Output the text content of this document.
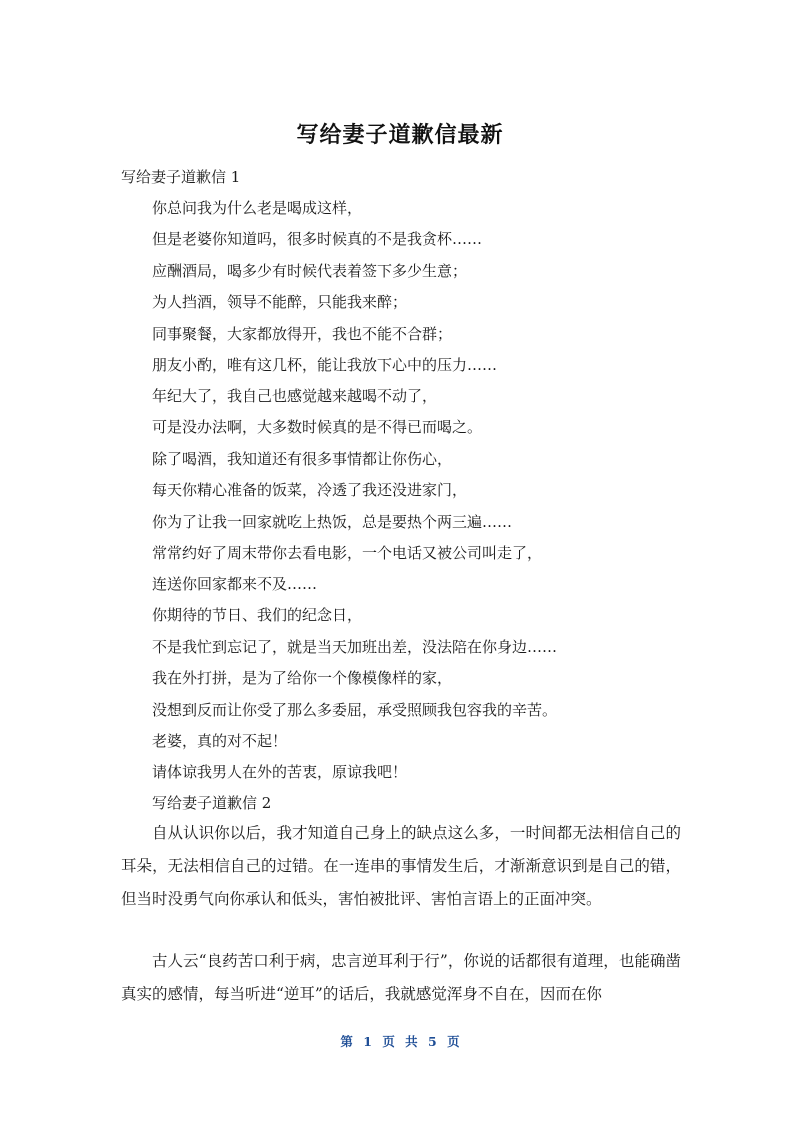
写给妻子道歉信最新
写给妻子道歉信 1
你总问我为什么老是喝成这样，
但是老婆你知道吗，很多时候真的不是我贪杯……
应酬酒局，喝多少有时候代表着签下多少生意；
为人挡酒，领导不能醉，只能我来醉；
同事聚餐，大家都放得开，我也不能不合群；
朋友小酌，唯有这几杯，能让我放下心中的压力……
年纪大了，我自己也感觉越来越喝不动了，
可是没办法啊，大多数时候真的是不得已而喝之。
除了喝酒，我知道还有很多事情都让你伤心，
每天你精心准备的饭菜，冷透了我还没进家门，
你为了让我一回家就吃上热饭，总是要热个两三遍……
常常约好了周末带你去看电影，一个电话又被公司叫走了，
连送你回家都来不及……
你期待的节日、我们的纪念日，
不是我忙到忘记了，就是当天加班出差，没法陪在你身边……
我在外打拼，是为了给你一个像模像样的家，
没想到反而让你受了那么多委屈，承受照顾我包容我的辛苦。
老婆，真的对不起！
请体谅我男人在外的苦衷，原谅我吧！
写给妻子道歉信 2

自从认识你以后，我才知道自己身上的缺点这么多，一时间都无法相信自己的耳朵，无法相信自己的过错。在一连串的事情发生后，才渐渐意识到是自己的错，但当时没勇气向你承认和低头，害怕被批评、害怕言语上的正面冲突。

古人云“良药苦口利于病，忠言逆耳利于行”，你说的话都很有道理，也能确凿真实的感情，每当听进“逆耳”的话后，我就感觉浑身不自在，因而在你

第 1 页 共 5 页
